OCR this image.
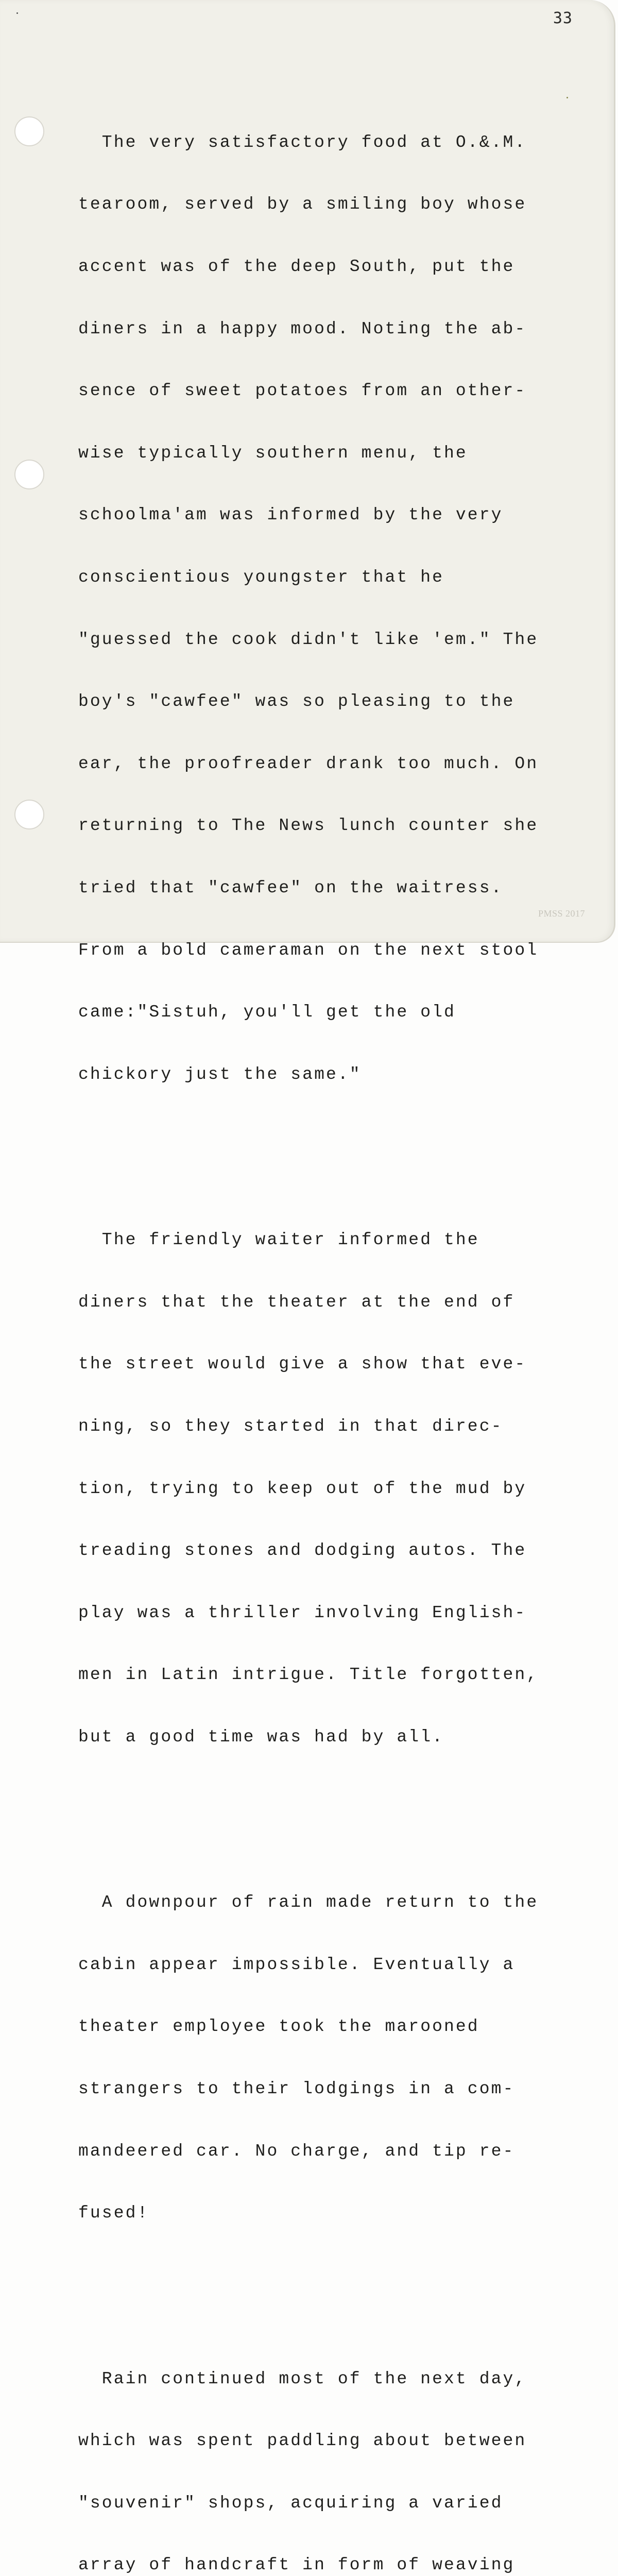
33

The very satisfactory food at O.&.M.

tearoom, served by a smiling boy whose

accent was of the deep South, put the

diners in a happy mood. Noting the ab-

sence of sweet potatoes from an other-

wise typically southern menu, the

schoolma'am was informed by the very

conscientious youngster that he

"guessed the cook didn't like 'em." The

boy's "cawfee" was so pleasing to the

ear, the proofreader drank too much. On

returning to The News lunch counter she

tried that "cawfee" on the waitress.

From a bold cameraman on the next stool

came:"Sistuh, you'll get the old

chickory just the same."

The friendly waiter informed the

diners that the theater at the end of

the street would give a show that eve-

ning, so they started in that direc-

tion, trying to keep out of the mud by

treading stones and dodging autos. The

play was a thriller involving English-

men in Latin intrigue. Title forgotten,

but a good time was had by all.

A downpour of rain made return to the

cabin appear impossible. Eventually a

theater employee took the marooned

strangers to their lodgings in a com-

mandeered car. No charge, and tip re-

fused!

Rain continued most of the next day,

which was spent paddling about between

"souvenir" shops, acquiring a varied

array of handcraft in form of weaving

PMSS 2017
